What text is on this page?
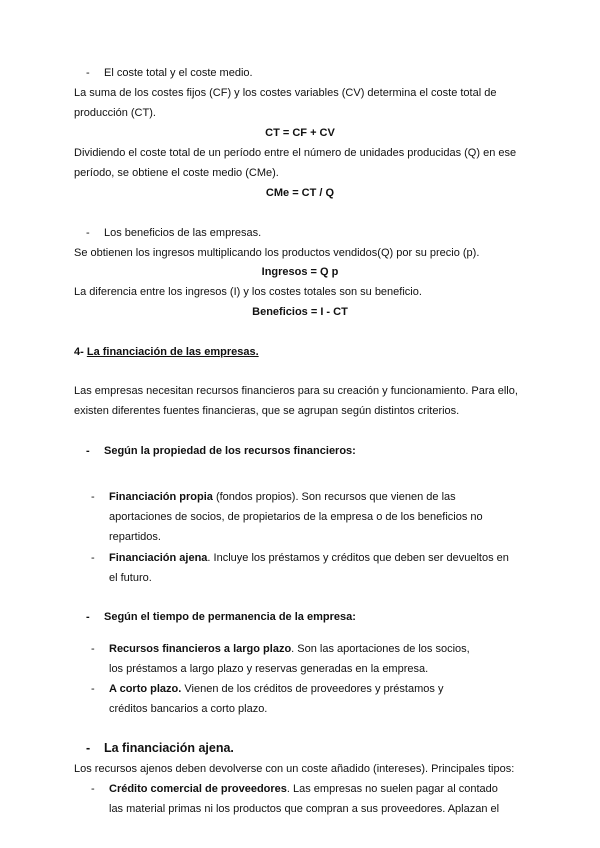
- El coste total y el coste medio.
La suma de los costes fijos (CF) y los costes variables (CV) determina el coste total de
producción (CT).
CT = CF + CV
Dividiendo el coste total de un período entre el número de unidades producidas (Q) en ese
período, se obtiene el coste medio (CMe).
CMe = CT / Q
- Los beneficios de las empresas.
Se obtienen los ingresos multiplicando los productos vendidos(Q) por su precio (p).
Ingresos = Q p
La diferencia entre los ingresos (I) y los costes totales son su beneficio.
Beneficios = I - CT
4- La financiación de las empresas.
Las empresas necesitan recursos financieros para su creación y funcionamiento. Para ello,
existen diferentes fuentes financieras, que se agrupan según distintos criterios.
- Según la propiedad de los recursos financieros:
- Financiación propia (fondos propios). Son recursos que vienen de las
aportaciones de socios, de propietarios de la empresa o de los beneficios no
repartidos.
- Financiación ajena. Incluye los préstamos y créditos que deben ser devueltos en
el futuro.
- Según el tiempo de permanencia de la empresa:
- Recursos financieros a largo plazo. Son las aportaciones de los socios,
los préstamos a largo plazo y reservas generadas en la empresa.
- A corto plazo. Vienen de los créditos de proveedores y préstamos y
créditos bancarios a corto plazo.
- La financiación ajena.
Los recursos ajenos deben devolverse con un coste añadido (intereses). Principales tipos:
- Crédito comercial de proveedores. Las empresas no suelen pagar al contado
las material primas ni los productos que compran a sus proveedores. Aplazan el
